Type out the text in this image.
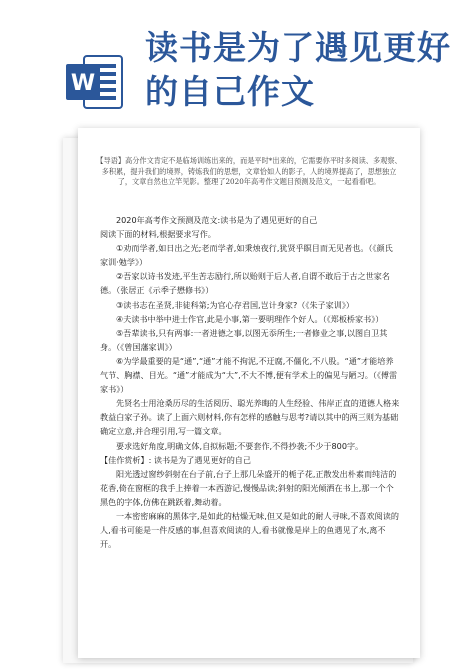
W
读书是为了遇见更好的自己作文
【导语】高分作文肯定不是临场训练出来的，而是平时*出来的，它需要你平时多阅读、多观察、多积累，提升我们的境界，铸炼我们的思想，文章恰如人的影子，人的境界提高了，思想独立了，文章自然也立竿见影。整理了2020年高考作文题目预测及范文，一起看看吧。

2020年高考作文预测及范文:读书是为了遇见更好的自己

阅读下面的材料,根据要求写作。

①劝而学者,如日出之光;老而学者,如秉烛夜行,犹贤乎瞑目而无见者也。（《颜氏家训·勉学》）

②吾家以诗书发迹,平生苦志励行,所以贻则于后人者,自谓不敢后于古之世家名德。（张居正《示季子懋修书》）

③读书志在圣贤,非徒科第;为官心存君国,岂计身家?（《朱子家训》）

④夫读书中举中进士作官,此是小事,第一要明理作个好人。（《郑板桥家书》）

⑤吾辈读书,只有两事:一者进德之事,以图无忝所生;一者修业之事,以图自卫其身。（《曾国藩家训》）

⑥为学最重要的是“通”,“通”才能不拘泥,不迂腐,不僵化,不八股。“通”才能培养气节、胸襟、目光。“通”才能成为“大”,不大不博,便有学术上的偏见与陋习。（《傅雷家书》）

先贤名士用沧桑历尽的生活阅历、聪光养晦的人生经验、伟岸正直的道德人格来教益白家子孙。读了上面六则材料,你有怎样的感触与思考?请以其中的两三则为基础确定立意,并合理引用,写一篇文章。

要求选好角度,明确文体,自拟标题;不要套作,不得抄袭;不少于800字。

【佳作赏析】: 读书是为了遇见更好的自己

阳光透过窗纱斜射在台子前,台子上那几朵盛开的栀子花,正散发出朴素而纯洁的花香,倚在窗框的我手上捧着一本西游记,慢慢品读;斜射的阳光倾洒在书上,那一个个黑色的字体,仿佛在跳跃着,舞动着。

一本密密麻麻的黑体字,是如此的枯燥无味,但又是如此的耐人寻味,不喜欢阅读的人,看书可能是一件反感的事,但喜欢阅读的人,看书就像是岸上的鱼遇见了水,离不开。
